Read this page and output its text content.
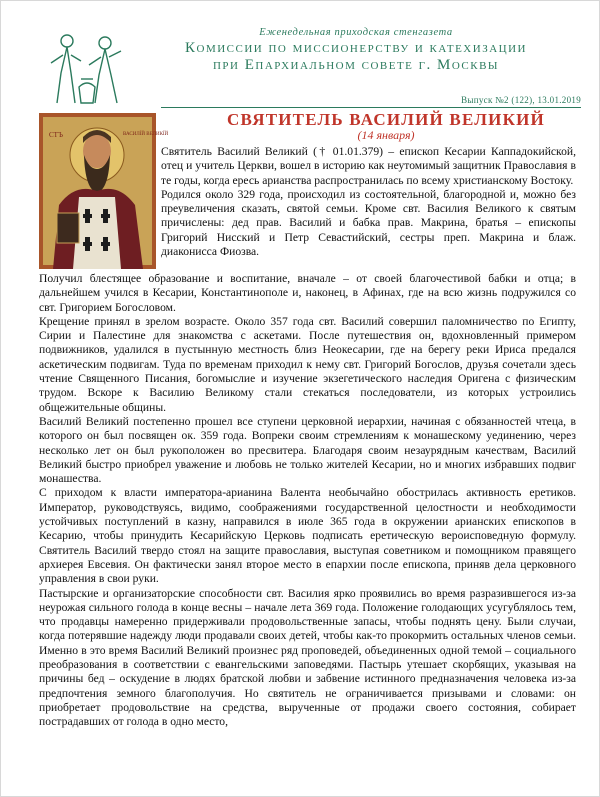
Еженедельная приходская стенгазета
Комиссии по миссионерству и катехизации
при Епархиальном совете г. Москвы
Выпуск №2 (122), 13.01.2019
СТЪ	ВАСИЛЇЙ ВЕЛИКЇЙ
СВЯТИТЕЛЬ ВАСИЛИЙ ВЕЛИКИЙ
(14 января)

Святитель Василий Великий († 01.01.379) – епископ Кесарии Каппадокийской, отец и учитель Церкви, вошел в историю как неутомимый защитник Православия в те годы, когда ересь арианства распространилась по всему христианскому Востоку.

Родился около 329 года, происходил из состоятельной, благородной и, можно без преувеличения сказать, святой семьи. Кроме свт. Василия Великого к святым причислены: дед прав. Василий и бабка прав. Макрина, братья – епископы Григорий Нисский и Петр Севастийский, сестры преп. Макрина и блаж. диаконисса Фиозва.

Получил блестящее образование и воспитание, вначале – от своей благочестивой бабки и отца; в дальнейшем учился в Кесарии, Константинополе и, наконец, в Афинах, где на всю жизнь подружился со свт. Григорием Богословом.

Крещение принял в зрелом возрасте. Около 357 года свт. Василий совершил паломничество по Египту, Сирии и Палестине для знакомства с аскетами. После путешествия он, вдохновленный примером подвижников, удалился в пустынную местность близ Неокесарии, где на берегу реки Ириса предался аскетическим подвигам. Туда по временам приходил к нему свт. Григорий Богослов, друзья сочетали здесь чтение Священного Писания, богомыслие и изучение экзегетического наследия Оригена с физическим трудом. Вскоре к Василию Великому стали стекаться последователи, из которых устроились общежительные общины.

Василий Великий постепенно прошел все ступени церковной иерархии, начиная с обязанностей чтеца, в которого он был посвящен ок. 359 года. Вопреки своим стремлениям к монашескому уединению, через несколько лет он был рукоположен во пресвитера. Благодаря своим незаурядным качествам, Василий Великий быстро приобрел уважение и любовь не только жителей Кесарии, но и многих избравших подвиг монашества.

С приходом к власти императора-арианина Валента необычайно обострилась активность еретиков. Император, руководствуясь, видимо, соображениями государственной целостности и необходимости устойчивых поступлений в казну, направился в июле 365 года в окружении арианских епископов в Кесарию, чтобы принудить Кесарийскую Церковь подписать еретическую вероисповедную формулу. Святитель Василий твердо стоял на защите православия, выступая советником и помощником правящего архиерея Евсевия. Он фактически занял второе место в епархии после епископа, приняв дела церковного управления в свои руки.

Пастырские и организаторские способности свт. Василия ярко проявились во время разразившегося из-за неурожая сильного голода в конце весны – начале лета 369 года. Положение голодающих усугублялось тем, что продавцы намеренно придерживали продовольственные запасы, чтобы поднять цену. Были случаи, когда потерявшие надежду люди продавали своих детей, чтобы как-то прокормить остальных членов семьи. Именно в это время Василий Великий произнес ряд проповедей, объединенных одной темой – социального преобразования в соответствии с евангельскими заповедями. Пастырь утешает скорбящих, указывая на причины бед – оскудение в людях братской любви и забвение истинного предназначения человека из-за предпочтения земного благополучия. Но святитель не ограничивается призывами и словами: он приобретает продовольствие на средства, вырученные от продажи своего состояния, собирает пострадавших от голода в одно место,
